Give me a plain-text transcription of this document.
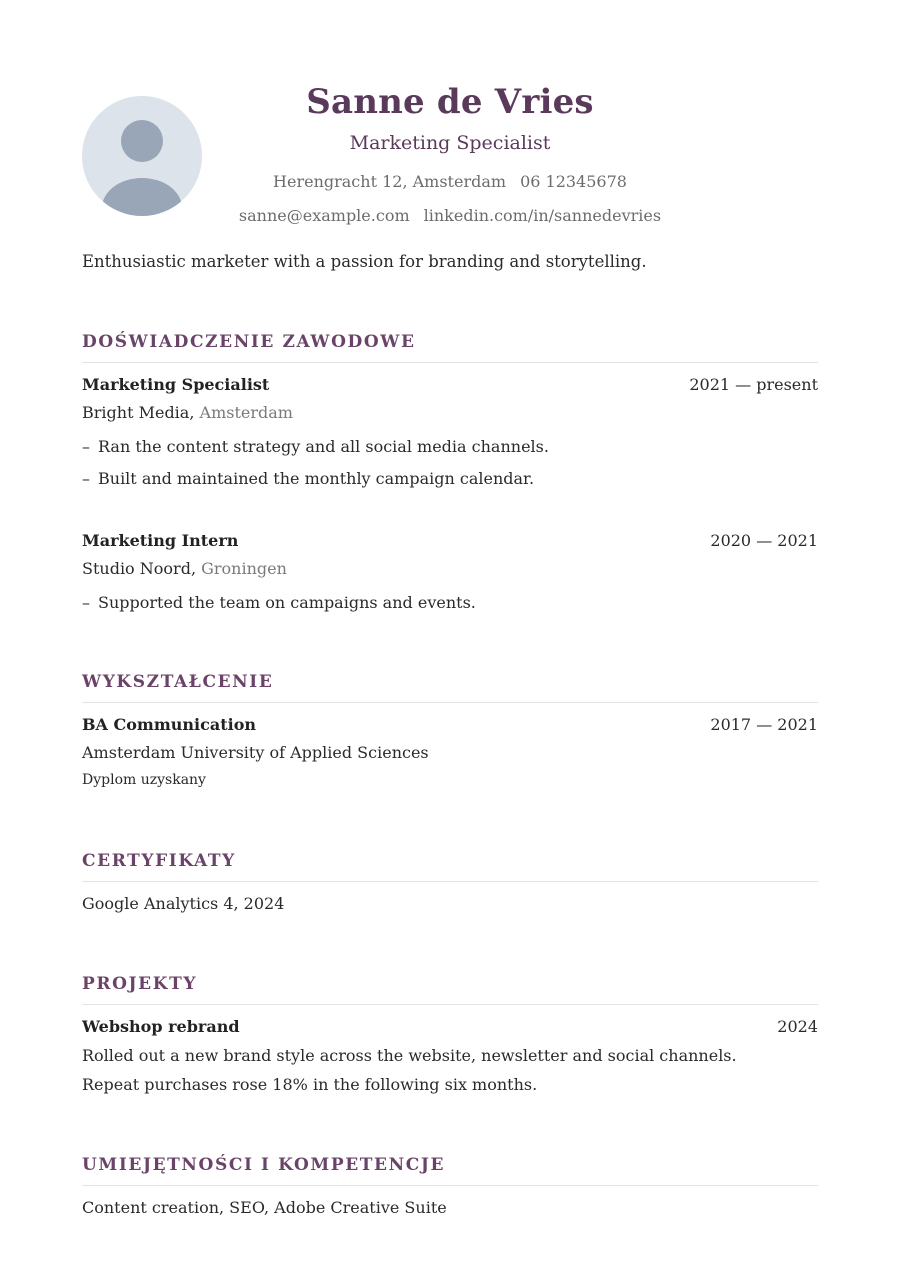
Sanne de Vries
Marketing Specialist
Herengracht 12, Amsterdam 06 12345678
sanne@example.com linkedin.com/in/sannedevries
Enthusiastic marketer with a passion for branding and storytelling.
DOŚWIADCZENIE ZAWODOWE
Marketing Specialist	2021 — present
Bright Media, Amsterdam
– Ran the content strategy and all social media channels.
– Built and maintained the monthly campaign calendar.
Marketing Intern	2020 — 2021
Studio Noord, Groningen
– Supported the team on campaigns and events.
WYKSZTAŁCENIE
BA Communication	2017 — 2021
Amsterdam University of Applied Sciences
Dyplom uzyskany
CERTYFIKATY
Google Analytics 4, 2024
PROJEKTY
Webshop rebrand	2024
Rolled out a new brand style across the website, newsletter and social channels. Repeat purchases rose 18% in the following six months.
UMIEJĘTNOŚCI I KOMPETENCJE
Content creation, SEO, Adobe Creative Suite
